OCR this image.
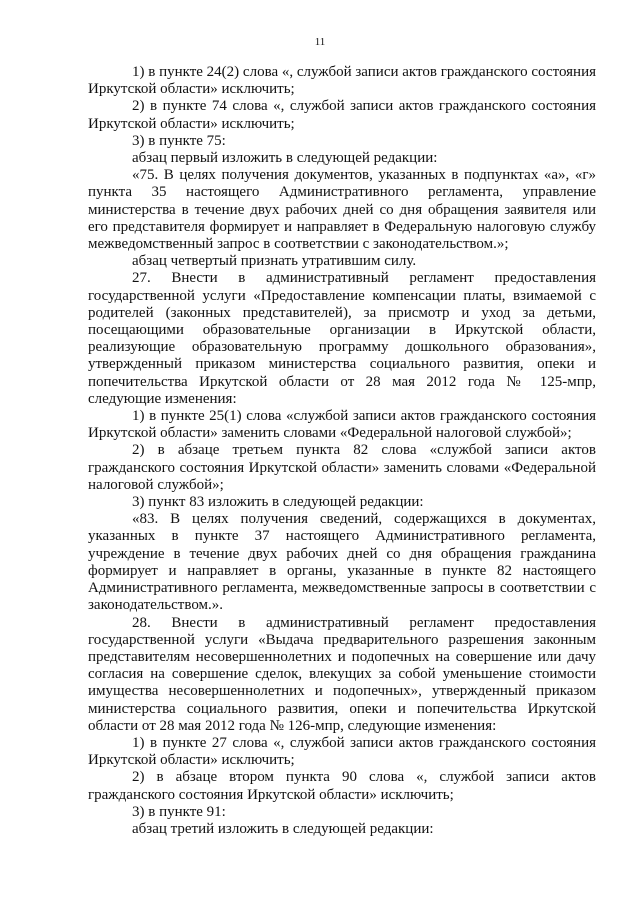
11

1) в пункте 24(2) слова «, службой записи актов гражданского состояния Иркутской области» исключить;

2) в пункте 74 слова «, службой записи актов гражданского состояния Иркутской области» исключить;

3) в пункте 75:

абзац первый изложить в следующей редакции:

«75. В целях получения документов, указанных в подпунктах «а», «г» пункта 35 настоящего Административного регламента, управление министерства в течение двух рабочих дней со дня обращения заявителя или его представителя формирует и направляет в Федеральную налоговую службу межведомственный запрос в соответствии с законодательством.»;

абзац четвертый признать утратившим силу.

27. Внести в административный регламент предоставления государственной услуги «Предоставление компенсации платы, взимаемой с родителей (законных представителей), за присмотр и уход за детьми, посещающими образовательные организации в Иркутской области, реализующие образовательную программу дошкольного образования», утвержденный приказом министерства социального развития, опеки и попечительства Иркутской области от 28 мая 2012 года № 125-мпр, следующие изменения:

1) в пункте 25(1) слова «службой записи актов гражданского состояния Иркутской области» заменить словами «Федеральной налоговой службой»;

2) в абзаце третьем пункта 82 слова «службой записи актов гражданского состояния Иркутской области» заменить словами «Федеральной налоговой службой»;

3) пункт 83 изложить в следующей редакции:

«83. В целях получения сведений, содержащихся в документах, указанных в пункте 37 настоящего Административного регламента, учреждение в течение двух рабочих дней со дня обращения гражданина формирует и направляет в органы, указанные в пункте 82 настоящего Административного регламента, межведомственные запросы в соответствии с законодательством.».

28. Внести в административный регламент предоставления государственной услуги «Выдача предварительного разрешения законным представителям несовершеннолетних и подопечных на совершение или дачу согласия на совершение сделок, влекущих за собой уменьшение стоимости имущества несовершеннолетних и подопечных», утвержденный приказом министерства социального развития, опеки и попечительства Иркутской области от 28 мая 2012 года № 126-мпр, следующие изменения:

1) в пункте 27 слова «, службой записи актов гражданского состояния Иркутской области» исключить;

2) в абзаце втором пункта 90 слова «, службой записи актов гражданского состояния Иркутской области» исключить;

3) в пункте 91:

абзац третий изложить в следующей редакции:
